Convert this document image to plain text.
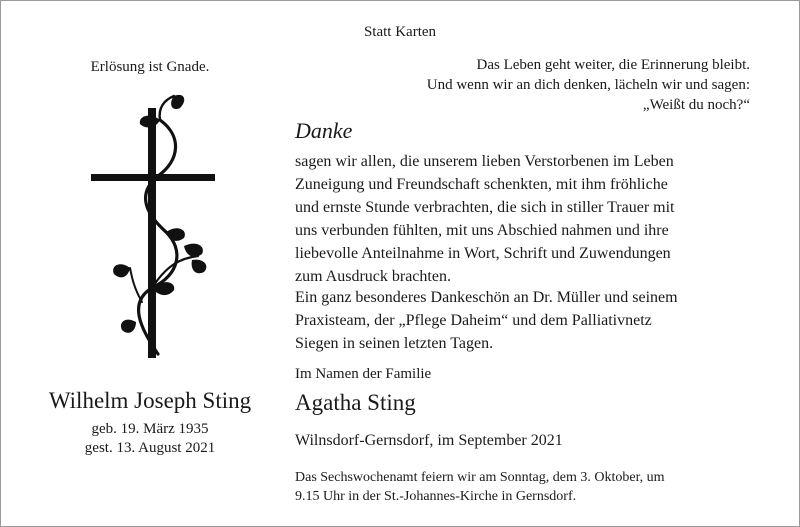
Statt Karten
Erlösung ist Gnade.
Wilhelm Joseph Sting
geb. 19. März 1935
gest. 13. August 2021
Das Leben geht weiter, die Erinnerung bleibt.
Und wenn wir an dich denken, lächeln wir und sagen:
„Weißt du noch?“
Danke
sagen wir allen, die unserem lieben Verstorbenen im Leben
Zuneigung und Freundschaft schenkten, mit ihm fröhliche
und ernste Stunde verbrachten, die sich in stiller Trauer mit
uns verbunden fühlten, mit uns Abschied nahmen und ihre
liebevolle Anteilnahme in Wort, Schrift und Zuwendungen
zum Ausdruck brachten.
Ein ganz besonderes Dankeschön an Dr. Müller und seinem
Praxisteam, der „Pflege Daheim“ und dem Palliativnetz
Siegen in seinen letzten Tagen.
Im Namen der Familie
Agatha Sting
Wilnsdorf-Gernsdorf, im September 2021
Das Sechswochenamt feiern wir am Sonntag, dem 3. Oktober, um
9.15 Uhr in der St.-Johannes-Kirche in Gernsdorf.
